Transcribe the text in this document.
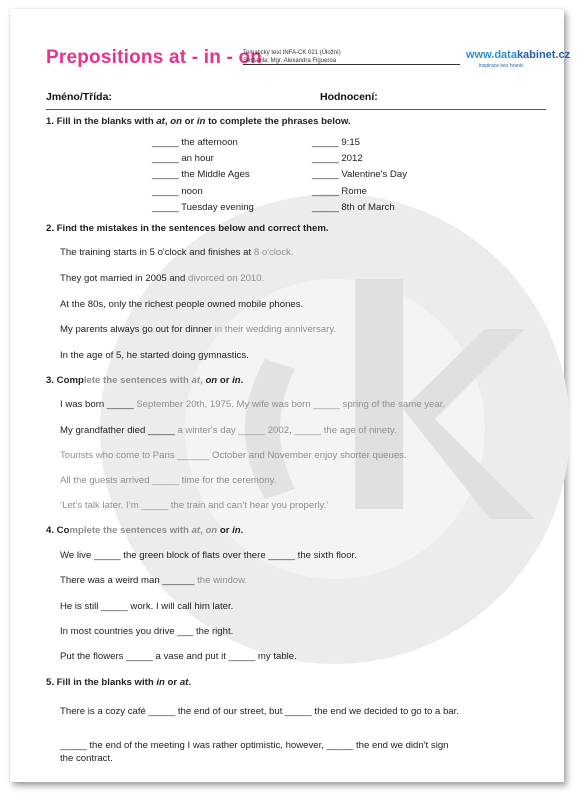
Prepositions at - in - on
Tematický test INFA-CK 021 (Úložní)
Sestavila: Mgr. Alexandra Figueroa	www.datakabinet.cz
inspirace bez hranic
Jméno/Třída:	Hodnocení:
1. Fill in the blanks with at, on or in to complete the phrases below.
_____ the afternoon
_____ an hour
_____ the Middle Ages
_____ noon
_____ Tuesday evening
_____ 9:15
_____ 2012
_____ Valentine's Day
_____ Rome
_____ 8th of March
2. Find the mistakes in the sentences below and correct them.
The training starts in 5 o'clock and finishes at 8 o'clock.
They got married in 2005 and divorced on 2010.
At the 80s, only the richest people owned mobile phones.
My parents always go out for dinner in their wedding anniversary.
In the age of 5, he started doing gymnastics.
3. Complete the sentences with at, on or in.
I was born _____ September 20th, 1975. My wife was born _____ spring of the same year.
My grandfather died _____ a winter's day _____ 2002, _____ the age of ninety.
Tourists who come to Paris ______ October and November enjoy shorter queues.
All the guests arrived _____ time for the ceremony.
‘Let’s talk later. I’m _____ the train and can’t hear you properly.’
4. Complete the sentences with at, on or in.
We live _____ the green block of flats over there _____ the sixth floor.
There was a weird man ______ the window.
He is still _____ work. I will call him later.
In most countries you drive ___ the right.
Put the flowers _____ a vase and put it _____ my table.
5. Fill in the blanks with in or at.
There is a cozy café _____ the end of our street, but _____ the end we decided to go to a bar.
_____ the end of the meeting I was rather optimistic, however, _____ the end we didn't sign
the contract.
